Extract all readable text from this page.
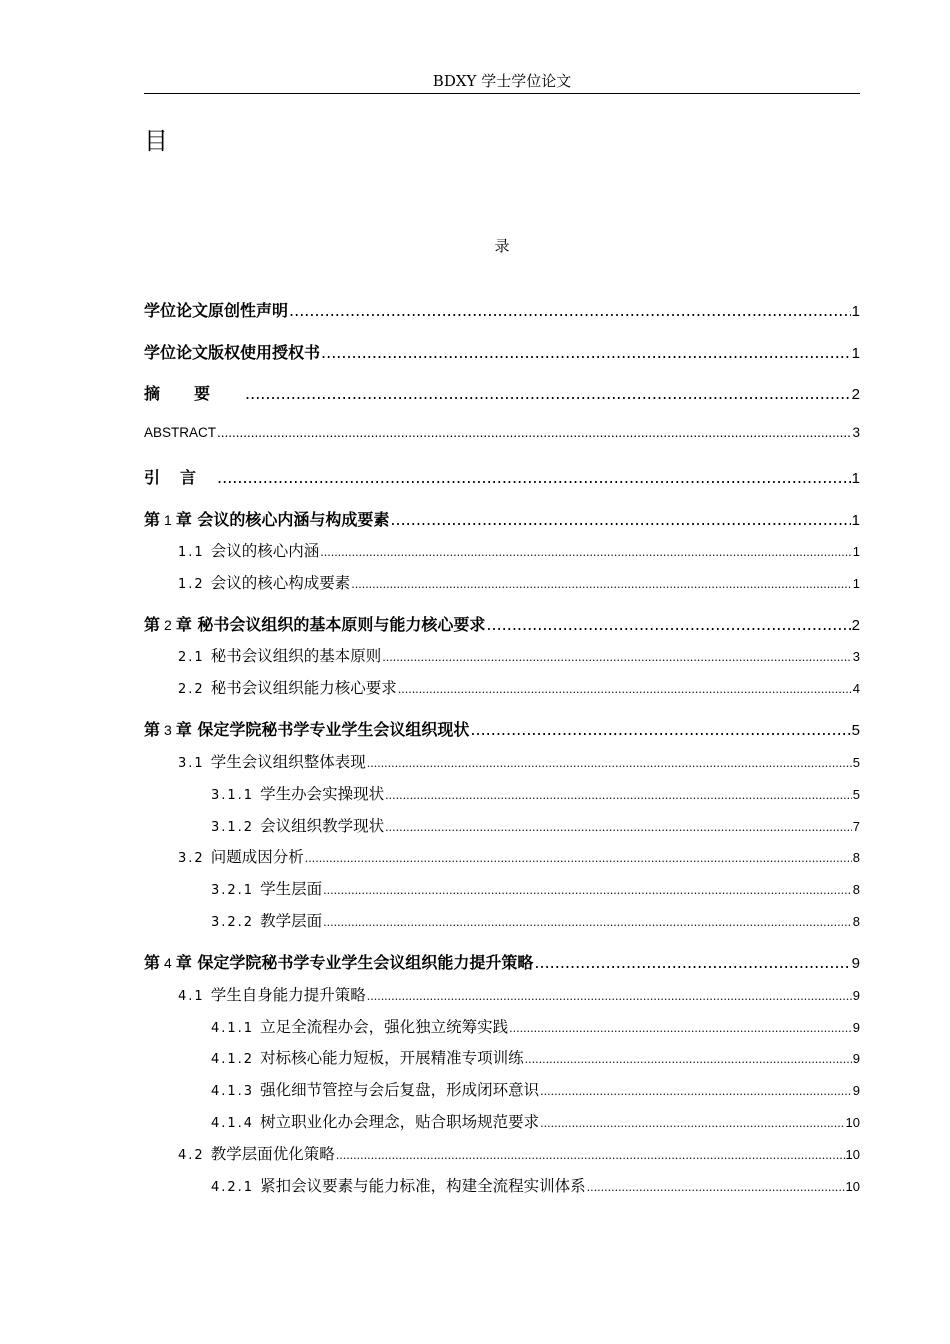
BDXY 学士学位论文
目
录
学位论文原创性声明 .....	1
学位论文版权使用授权书 .....	1
摘要 .....	2
ABSTRACT .....	3
引言 .....	1
第 1 章 会议的核心内涵与构成要素 .....	1
1.1 会议的核心内涵 .....	1
1.2 会议的核心构成要素 .....	1
第 2 章 秘书会议组织的基本原则与能力核心要求 .....	2
2.1 秘书会议组织的基本原则 .....	3
2.2 秘书会议组织能力核心要求 .....	4
第 3 章 保定学院秘书学专业学生会议组织现状 .....	5
3.1 学生会议组织整体表现 .....	5
3.1.1 学生办会实操现状 .....	5
3.1.2 会议组织教学现状 .....	7
3.2 问题成因分析 .....	8
3.2.1 学生层面 .....	8
3.2.2 教学层面 .....	8
第 4 章 保定学院秘书学专业学生会议组织能力提升策略 .....	9
4.1 学生自身能力提升策略 .....	9
4.1.1 立足全流程办会，强化独立统筹实践 .....	9
4.1.2 对标核心能力短板，开展精准专项训练 .....	9
4.1.3 强化细节管控与会后复盘，形成闭环意识 .....	9
4.1.4 树立职业化办会理念，贴合职场规范要求 .....	10
4.2 教学层面优化策略 .....	10
4.2.1 紧扣会议要素与能力标准，构建全流程实训体系 .....	10
